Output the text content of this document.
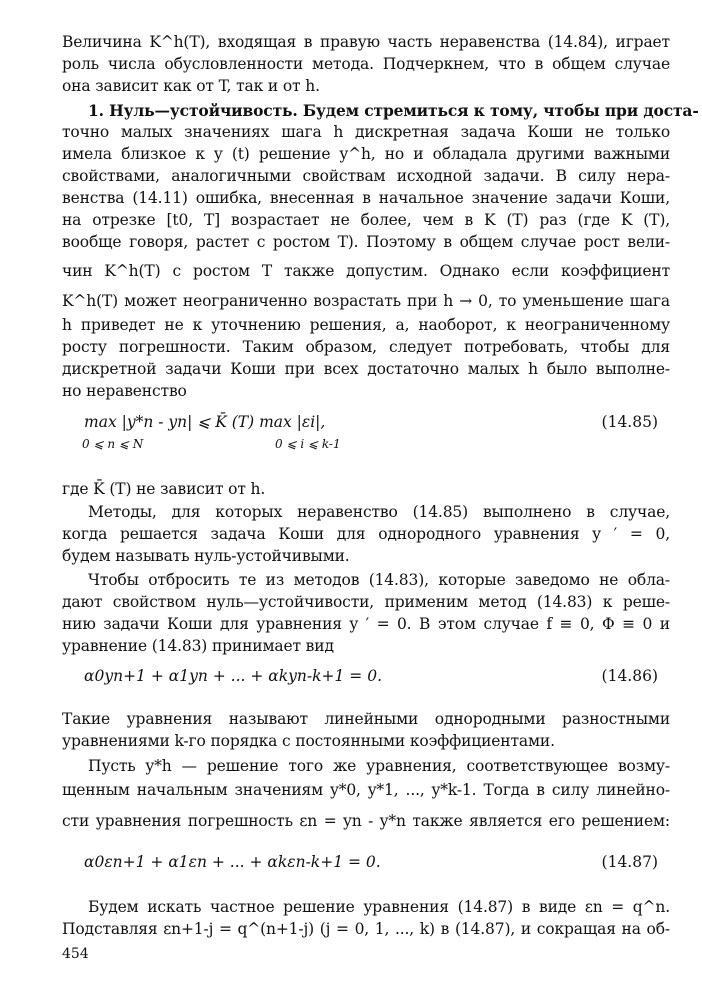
Величина K^h(T), входящая в правую часть неравенства (14.84), играет
роль числа обусловленности метода. Подчеркнем, что в общем случае
она зависит как от T, так и от h.
1. Нуль—устойчивость. Будем стремиться к тому, чтобы при доста-
точно малых значениях шага h дискретная задача Коши не только
имела близкое к y (t) решение y^h, но и обладала другими важными
свойствами, аналогичными свойствам исходной задачи. В силу нера-
венства (14.11) ошибка, внесенная в начальное значение задачи Коши,
на отрезке [t0, T] возрастает не более, чем в K (T) раз (где K (T),
вообще говоря, растет с ростом T). Поэтому в общем случае рост вели-
чин K^h(T) с ростом T также допустим. Однако если коэффициент
K^h(T) может неограниченно возрастать при h → 0, то уменьшение шага
h приведет не к уточнению решения, а, наоборот, к неограниченному
росту погрешности. Таким образом, следует потребовать, чтобы для
дискретной задачи Коши при всех достаточно малых h было выполне-
но неравенство
max |y*n - yn| ⩽ K̄ (T) max |εi|,	(14.85)
0 ⩽ n ⩽ N	0 ⩽ i ⩽ k-1
где K̄ (T) не зависит от h.
Методы, для которых неравенство (14.85) выполнено в случае,
когда решается задача Коши для однородного уравнения y ′ = 0,
будем называть нуль-устойчивыми.
Чтобы отбросить те из методов (14.83), которые заведомо не обла-
дают свойством нуль—устойчивости, применим метод (14.83) к реше-
нию задачи Коши для уравнения y ′ = 0. В этом случае f ≡ 0, Φ ≡ 0 и
уравнение (14.83) принимает вид
α0yn+1 + α1yn + ... + αkyn-k+1 = 0.	(14.86)
Такие уравнения называют линейными однородными разностными
уравнениями k-го порядка с постоянными коэффициентами.
Пусть y*h — решение того же уравнения, соответствующее возму-
щенным начальным значениям y*0, y*1, ..., y*k-1. Тогда в силу линейно-
сти уравнения погрешность εn = yn - y*n также является его решением:
α0εn+1 + α1εn + ... + αkεn-k+1 = 0.	(14.87)
Будем искать частное решение уравнения (14.87) в виде εn = q^n.
Подставляя εn+1-j = q^(n+1-j) (j = 0, 1, ..., k) в (14.87), и сокращая на об-
454
